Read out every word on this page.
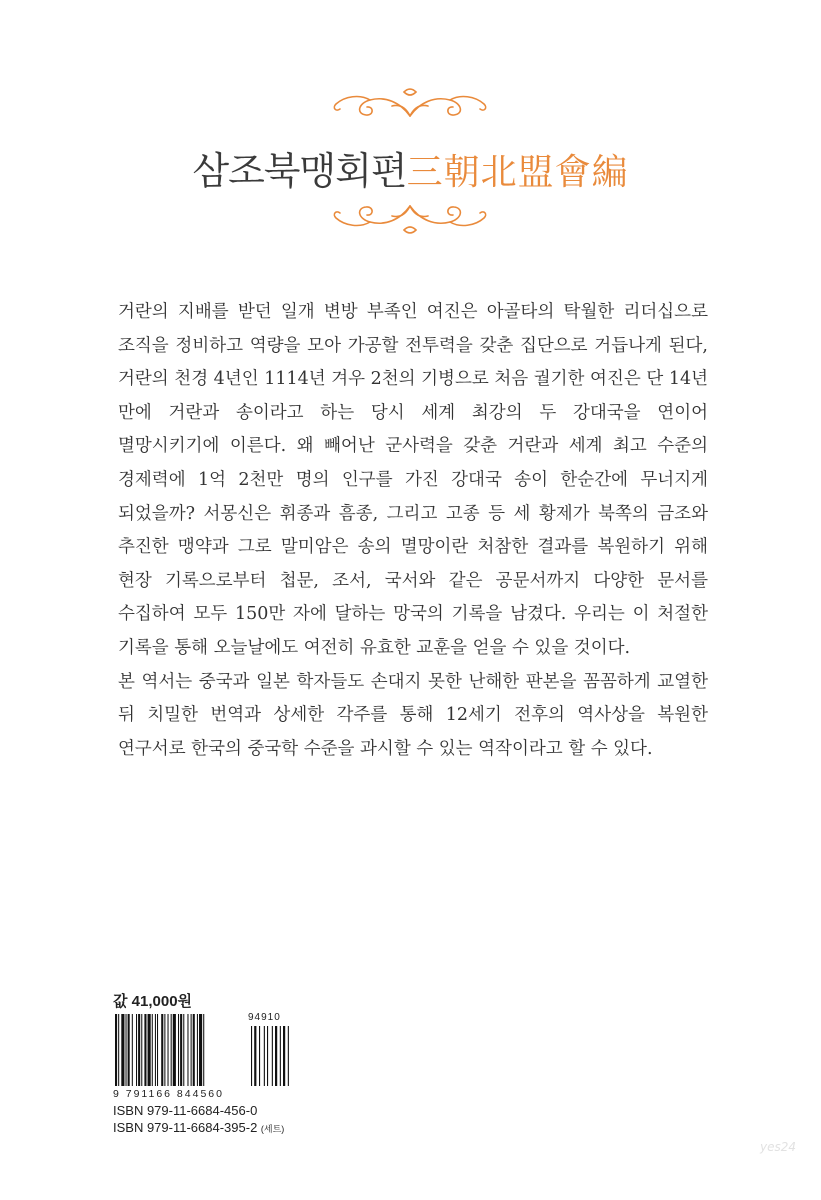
삼조북맹회편三朝北盟會編

거란의 지배를 받던 일개 변방 부족인 여진은 아골타의 탁월한 리더십으로 조직을 정비하고 역량을 모아 가공할 전투력을 갖춘 집단으로 거듭나게 된다, 거란의 천경 4년인 1114년 겨우 2천의 기병으로 처음 궐기한 여진은 단 14년 만에 거란과 송이라고 하는 당시 세계 최강의 두 강대국을 연이어 멸망시키기에 이른다. 왜 빼어난 군사력을 갖춘 거란과 세계 최고 수준의 경제력에 1억 2천만 명의 인구를 가진 강대국 송이 한순간에 무너지게 되었을까? 서몽신은 휘종과 흠종, 그리고 고종 등 세 황제가 북쪽의 금조와 추진한 맹약과 그로 말미암은 송의 멸망이란 처참한 결과를 복원하기 위해 현장 기록으로부터 첩문, 조서, 국서와 같은 공문서까지 다양한 문서를 수집하여 모두 150만 자에 달하는 망국의 기록을 남겼다. 우리는 이 처절한 기록을 통해 오늘날에도 여전히 유효한 교훈을 얻을 수 있을 것이다.

본 역서는 중국과 일본 학자들도 손대지 못한 난해한 판본을 꼼꼼하게 교열한 뒤 치밀한 번역과 상세한 각주를 통해 12세기 전후의 역사상을 복원한 연구서로 한국의 중국학 수준을 과시할 수 있는 역작이라고 할 수 있다.

값 41,000원
94910
9 791166 844560
ISBN 979-11-6684-456-0
ISBN 979-11-6684-395-2 (세트)
yes24
